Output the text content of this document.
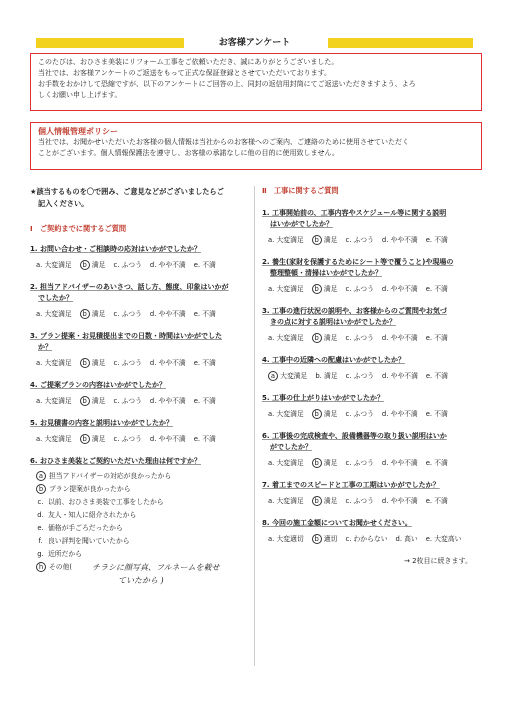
お客様アンケート
このたびは、おひさま美装にリフォーム工事をご依頼いただき、誠にありがとうございました。
当社では、お客様アンケートのご返送をもって正式な保証登録とさせていただいております。
お手数をおかけして恐縮ですが、以下のアンケートにご回答の上、同封の返信用封筒にてご返送いただきますよう、よろ
しくお願い申し上げます。
個人情報管理ポリシー
当社では、お聞かせいただいたお客様の個人情報は当社からのお客様へのご案内、ご連絡のために使用させていただく
ことがございます。個人情報保護法を遵守し、お客様の承諾なしに他の目的に使用致しません。
★該当するものを〇で囲み、ご意見などがございましたらご
記入ください。
Ⅰ　ご契約までに関するご質問
1. お問い合わせ・ご相談時の応対はいかがでしたか？
a. 大変満足	b 満足 c. ふつう d. やや不満 e. 不満
2. 担当アドバイザーのあいさつ、話し方、態度、印象はいかが
でしたか？
a. 大変満足	b 満足 c. ふつう d. やや不満 e. 不満
3. プラン提案・お見積提出までの日数・時間はいかがでした
か？
a. 大変満足	b 満足 c. ふつう d. やや不満 e. 不満
4. ご提案プランの内容はいかがでしたか？
a. 大変満足	b 満足 c. ふつう d. やや不満 e. 不満
5. お見積書の内容と説明はいかがでしたか？
a. 大変満足	b 満足 c. ふつう d. やや不満 e. 不満
6. おひさま美装とご契約いただいた理由は何ですか？
a 担当アドバイザーの対応が良かったから
b プラン提案が良かったから
c. 以前、おひさま美装で工事をしたから
d. 友人・知人に紹介されたから
e. 価格が手ごろだったから
f. 良い評判を聞いていたから
g. 近所だから
h その他(	チラシに顔写真、フルネームを載せ
ていたから )
Ⅱ　工事に関するご質問
1. 工事開始前の、工事内容やスケジュール等に関する説明
はいかがでしたか？
a. 大変満足	b 満足 c. ふつう d. やや不満 e. 不満
2. 養生(家財を保護するためにシート等で覆うこと)や現場の
整理整頓・清掃はいかがでしたか？
a. 大変満足	b 満足 c. ふつう d. やや不満 e. 不満
3. 工事の進行状況の説明や、お客様からのご質問やお気づ
きの点に対する説明はいかがでしたか？
a. 大変満足	b 満足 c. ふつう d. やや不満 e. 不満
4. 工事中の近隣への配慮はいかがでしたか？
a 大変満足 b. 満足 c. ふつう d. やや不満 e. 不満
5. 工事の仕上がりはいかがでしたか？
a. 大変満足	b 満足 c. ふつう d. やや不満 e. 不満
6. 工事後の完成検査や、設備機器等の取り扱い説明はいか
がでしたか？
a. 大変満足	b 満足 c. ふつう d. やや不満 e. 不満
7. 着工までのスピードと工事の工期はいかがでしたか？
a. 大変満足	b 満足 c. ふつう d. やや不満 e. 不満
8. 今回の施工金額についてお聞かせください。
a. 大変適切	b 適切 c. わからない d. 高い e. 大変高い
→ 2枚目に続きます。
